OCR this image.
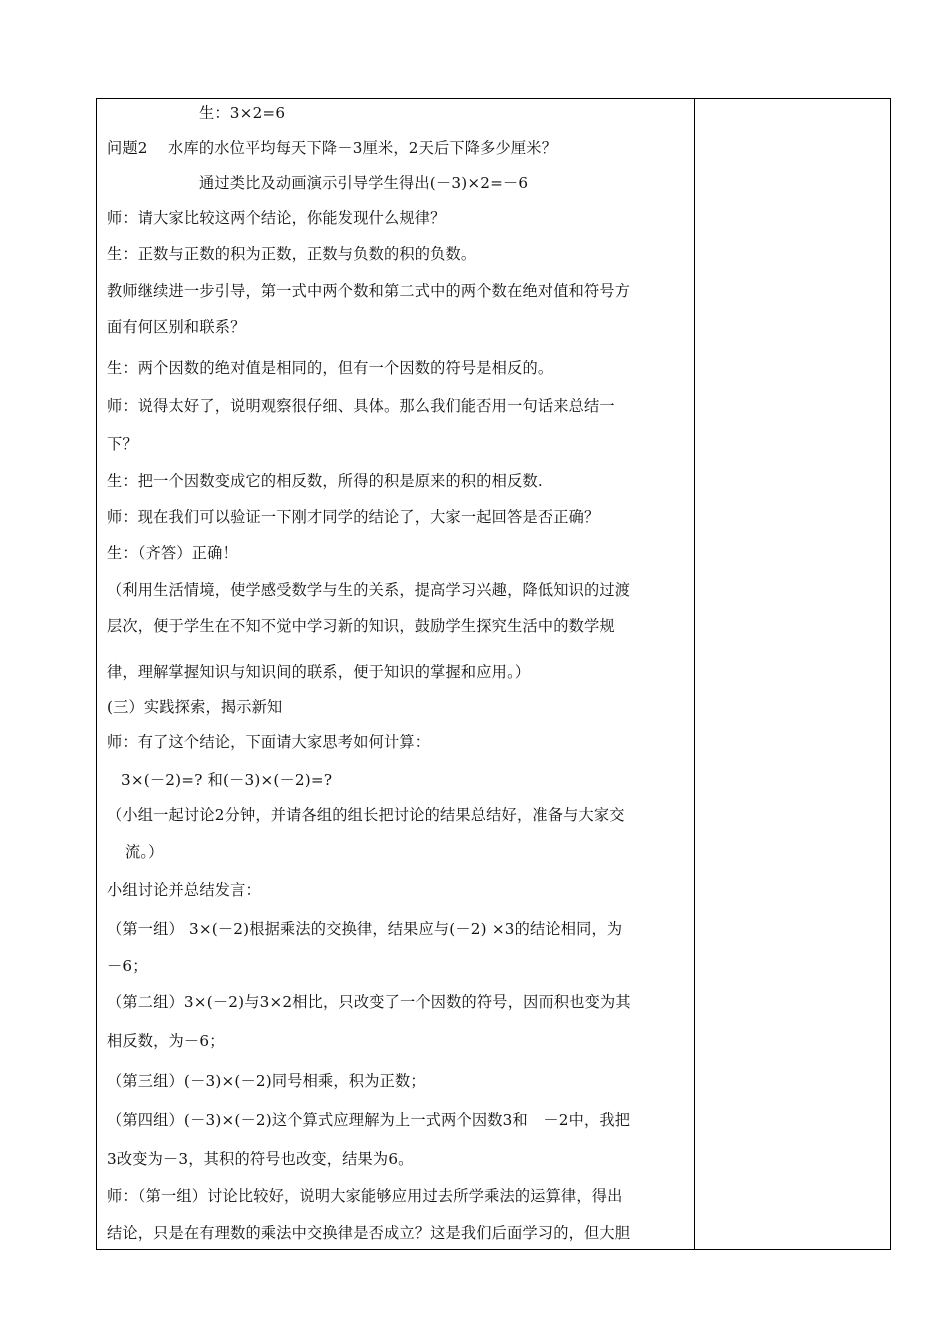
生：3×2=6
问题2　 水库的水位平均每天下降－3厘米，2天后下降多少厘米？
通过类比及动画演示引导学生得出(－3)×2=－6
师：请大家比较这两个结论，你能发现什么规律？
生：正数与正数的积为正数，正数与负数的积的负数。
教师继续进一步引导，第一式中两个数和第二式中的两个数在绝对值和符号方
面有何区别和联系？
生：两个因数的绝对值是相同的，但有一个因数的符号是相反的。
师：说得太好了，说明观察很仔细、具体。那么我们能否用一句话来总结一
下？
生：把一个因数变成它的相反数，所得的积是原来的积的相反数.
师：现在我们可以验证一下刚才同学的结论了，大家一起回答是否正确？
生：（齐答）正确！
（利用生活情境，使学感受数学与生的关系，提高学习兴趣，降低知识的过渡
层次，便于学生在不知不觉中学习新的知识，鼓励学生探究生活中的数学规
律，理解掌握知识与知识间的联系，便于知识的掌握和应用。）
(三）实践探索，揭示新知
师：有了这个结论，下面请大家思考如何计算：
3×(－2)=? 和(－3)×(－2)=?
（小组一起讨论2分钟，并请各组的组长把讨论的结果总结好，准备与大家交
流。）
小组讨论并总结发言：
（第一组） 3×(－2)根据乘法的交换律，结果应与(－2) ×3的结论相同，为
－6；
（第二组）3×(－2)与3×2相比，只改变了一个因数的符号，因而积也变为其
相反数，为－6；
（第三组）(－3)×(－2)同号相乘，积为正数；
（第四组）(－3)×(－2)这个算式应理解为上一式两个因数3和　－2中，我把
3改变为－3，其积的符号也改变，结果为6。
师：（第一组）讨论比较好，说明大家能够应用过去所学乘法的运算律，得出
结论，只是在有理数的乘法中交换律是否成立？这是我们后面学习的，但大胆
